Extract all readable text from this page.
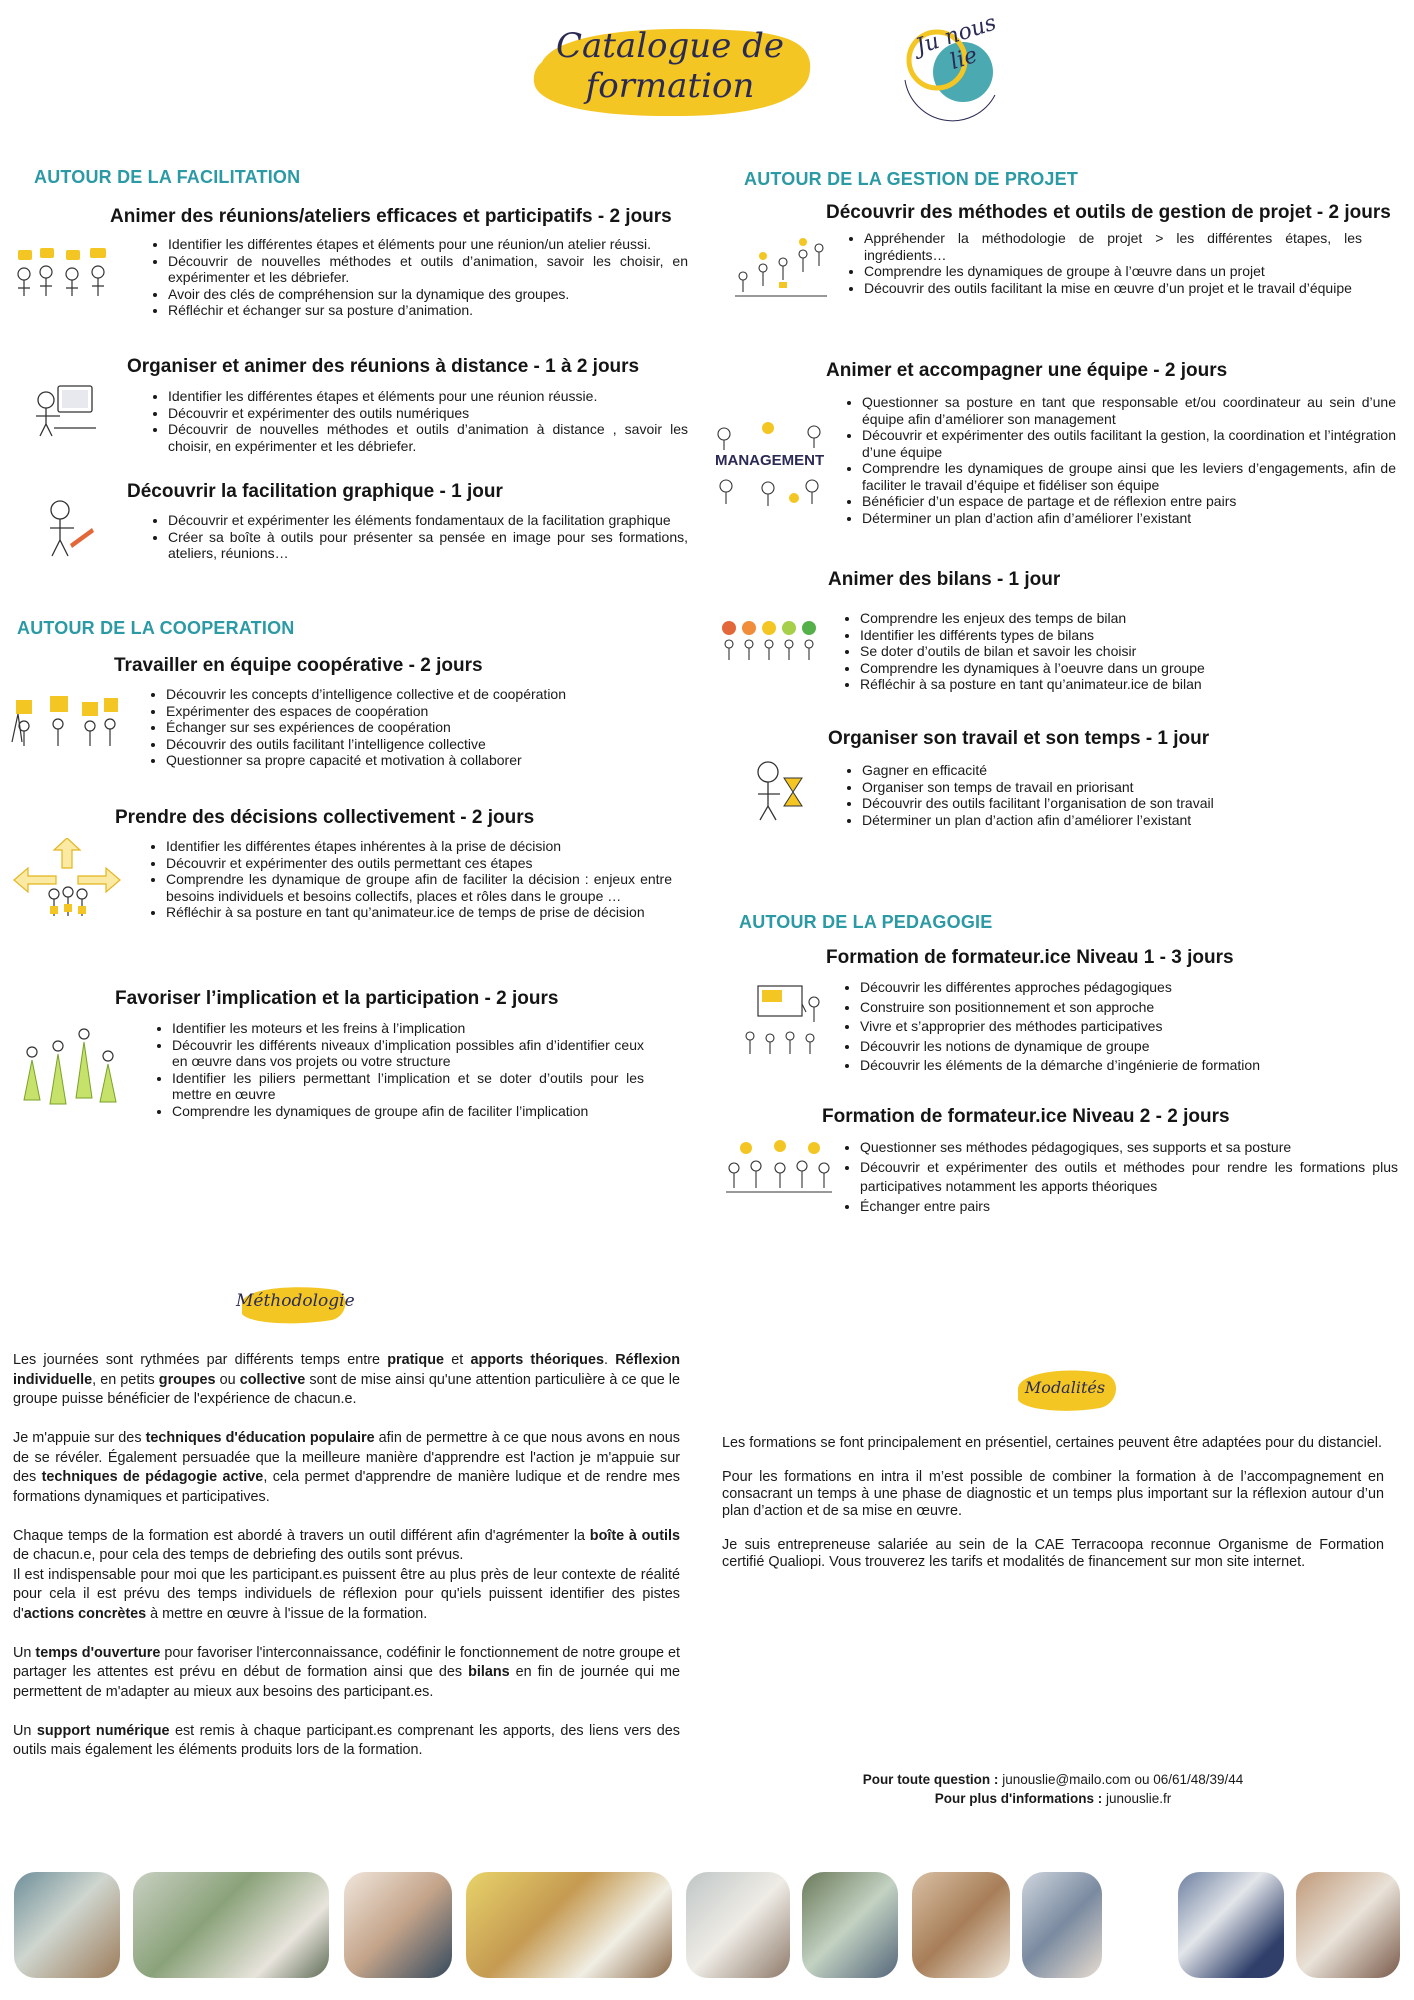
Catalogue de
formation
Ju nous lie
AUTOUR DE LA FACILITATION
Animer des réunions/ateliers efficaces et participatifs - 2 jours
• Identifier les différentes étapes et éléments pour une réunion/un atelier réussi.
• Découvrir de nouvelles méthodes et outils d’animation, savoir les choisir, en expérimenter et les débriefer.
• Avoir des clés de compréhension sur la dynamique des groupes.
• Réfléchir et échanger sur sa posture d’animation.
Organiser et animer des réunions à distance - 1 à 2 jours
• Identifier les différentes étapes et éléments pour une réunion réussie.
• Découvrir et expérimenter des outils numériques
• Découvrir de nouvelles méthodes et outils d’animation à distance , savoir les choisir, en expérimenter et les débriefer.
Découvrir la facilitation graphique - 1 jour
• Découvrir et expérimenter les éléments fondamentaux de la facilitation graphique
• Créer sa boîte à outils pour présenter sa pensée en image pour ses formations, ateliers, réunions…
AUTOUR DE LA COOPERATION
Travailler en équipe coopérative - 2 jours
• Découvrir les concepts d’intelligence collective et de coopération
• Expérimenter des espaces de coopération
• Échanger sur ses expériences de coopération
• Découvrir des outils facilitant l’intelligence collective
• Questionner sa propre capacité et motivation à collaborer
Prendre des décisions collectivement - 2 jours
• Identifier les différentes étapes inhérentes à la prise de décision
• Découvrir et expérimenter des outils permettant ces étapes
• Comprendre les dynamique de groupe afin de faciliter la décision : enjeux entre besoins individuels et besoins collectifs, places et rôles dans le groupe …
• Réfléchir à sa posture en tant qu’animateur.ice de temps de prise de décision
Favoriser l’implication et la participation - 2 jours
• Identifier les moteurs et les freins à l’implication
• Découvrir les différents niveaux d’implication possibles afin d’identifier ceux en œuvre dans vos projets ou votre structure
• Identifier les piliers permettant l’implication et se doter d’outils pour les mettre en œuvre
• Comprendre les dynamiques de groupe afin de faciliter l’implication
AUTOUR DE LA GESTION DE PROJET
Découvrir des méthodes et outils de gestion de projet - 2 jours
• Appréhender la méthodologie de projet > les différentes étapes, les ingrédients…
• Comprendre les dynamiques de groupe à l’œuvre dans un projet
• Découvrir des outils facilitant la mise en œuvre d’un projet et le travail d’équipe
Animer et accompagner une équipe - 2 jours
• Questionner sa posture en tant que responsable et/ou coordinateur au sein d’une équipe afin d’améliorer son management
• Découvrir et expérimenter des outils facilitant la gestion, la coordination et l’intégration d’une équipe
• Comprendre les dynamiques de groupe ainsi que les leviers d’engagements, afin de faciliter le travail d’équipe et fidéliser son équipe
• Bénéficier d’un espace de partage et de réflexion entre pairs
• Déterminer un plan d’action afin d’améliorer l’existant
MANAGEMENT
Animer des bilans - 1 jour
• Comprendre les enjeux des temps de bilan
• Identifier les différents types de bilans
• Se doter d’outils de bilan et savoir les choisir
• Comprendre les dynamiques à l’oeuvre dans un groupe
• Réfléchir à sa posture en tant qu’animateur.ice de bilan
Organiser son travail et son temps - 1 jour
• Gagner en efficacité
• Organiser son temps de travail en priorisant
• Découvrir des outils facilitant l’organisation de son travail
• Déterminer un plan d’action afin d’améliorer l’existant
AUTOUR DE LA PEDAGOGIE
Formation de formateur.ice Niveau 1 - 3 jours
• Découvrir les différentes approches pédagogiques
• Construire son positionnement et son approche
• Vivre et s’approprier des méthodes participatives
• Découvrir les notions de dynamique de groupe
• Découvrir les éléments de la démarche d’ingénierie de formation
Formation de formateur.ice Niveau 2 - 2 jours
• Questionner ses méthodes pédagogiques, ses supports et sa posture
• Découvrir et expérimenter des outils et méthodes pour rendre les formations plus participatives notamment les apports théoriques
• Échanger entre pairs
Méthodologie

Les journées sont rythmées par différents temps entre pratique et apports théoriques. Réflexion individuelle, en petits groupes ou collective sont de mise ainsi qu'une attention particulière à ce que le groupe puisse bénéficier de l'expérience de chacun.e.

Je m'appuie sur des techniques d'éducation populaire afin de permettre à ce que nous avons en nous de se révéler. Également persuadée que la meilleure manière d'apprendre est l'action je m'appuie sur des techniques de pédagogie active, cela permet d'apprendre de manière ludique et de rendre mes formations dynamiques et participatives.

Chaque temps de la formation est abordé à travers un outil différent afin d'agrémenter la boîte à outils de chacun.e, pour cela des temps de debriefing des outils sont prévus.

Il est indispensable pour moi que les participant.es puissent être au plus près de leur contexte de réalité pour cela il est prévu des temps individuels de réflexion pour qu'iels puissent identifier des pistes d'actions concrètes à mettre en œuvre à l'issue de la formation.

Un temps d'ouverture pour favoriser l'interconnaissance, codéfinir le fonctionnement de notre groupe et partager les attentes est prévu en début de formation ainsi que des bilans en fin de journée qui me permettent de m'adapter au mieux aux besoins des participant.es.

Un support numérique est remis à chaque participant.es comprenant les apports, des liens vers des outils mais également les éléments produits lors de la formation.

Modalités

Les formations se font principalement en présentiel, certaines peuvent être adaptées pour du distanciel.

Pour les formations en intra il m’est possible de combiner la formation à de l’accompagnement en consacrant un temps à une phase de diagnostic et un temps plus important sur la réflexion autour d’un plan d’action et de sa mise en œuvre.

Je suis entrepreneuse salariée au sein de la CAE Terracoopa reconnue Organisme de Formation certifié Qualiopi. Vous trouverez les tarifs et modalités de financement sur mon site internet.

Pour toute question : junouslie@mailo.com ou 06/61/48/39/44
Pour plus d'informations : junouslie.fr
